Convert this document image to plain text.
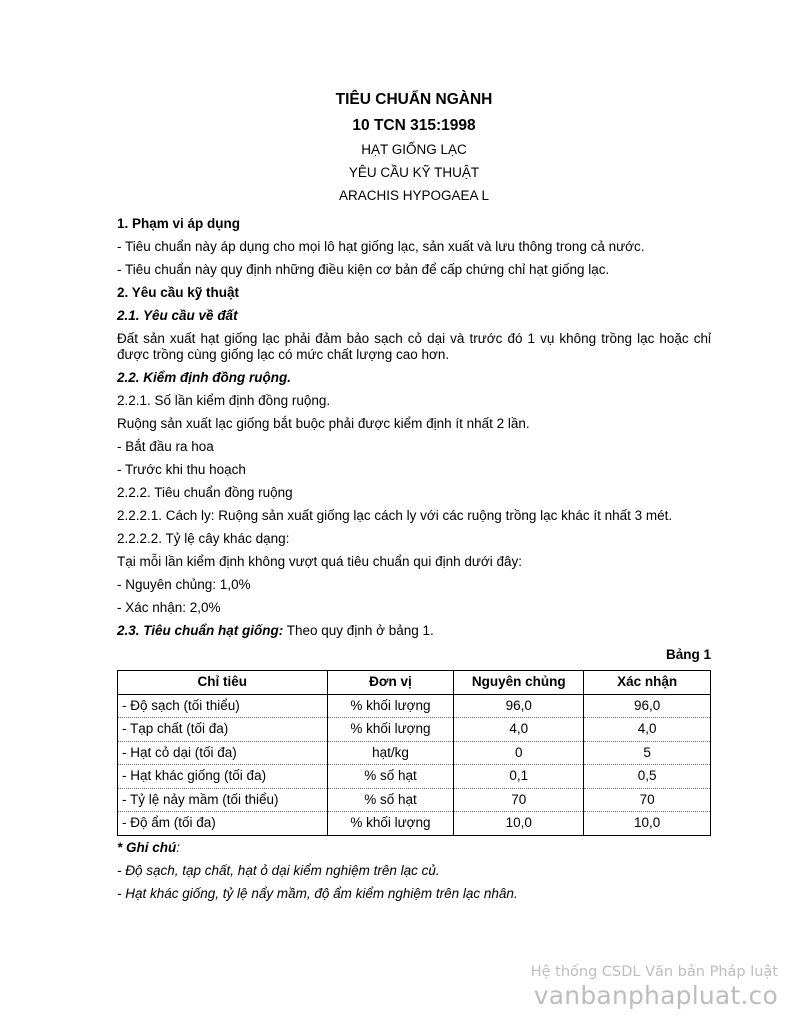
TIÊU CHUẨN NGÀNH

10 TCN 315:1998

HẠT GIỐNG LẠC

YÊU CẦU KỸ THUẬT

ARACHIS HYPOGAEA L

1. Phạm vi áp dụng

- Tiêu chuẩn này áp dụng cho mọi lô hạt giống lạc, sản xuất và lưu thông trong cả nước.

- Tiêu chuẩn này quy định những điều kiện cơ bản để cấp chứng chỉ hạt giống lạc.

2. Yêu cầu kỹ thuật

2.1. Yêu cầu về đất

Đất sản xuất hạt giống lạc phải đảm bảo sạch cỏ dại và trước đó 1 vụ không trồng lạc hoặc chỉ được trồng cùng giống lạc có mức chất lượng cao hơn.

2.2. Kiểm định đồng ruộng.

2.2.1. Số lần kiểm định đồng ruộng.

Ruộng sản xuất lạc giống bắt buộc phải được kiểm định ít nhất 2 lần.

- Bắt đầu ra hoa

- Trước khi thu hoạch

2.2.2. Tiêu chuẩn đồng ruộng

2.2.2.1. Cách ly: Ruộng sản xuất giống lạc cách ly với các ruộng trồng lạc khác ít nhất 3 mét.

2.2.2.2. Tỷ lệ cây khác dạng:

Tại mỗi lần kiểm định không vượt quá tiêu chuẩn qui định dưới đây:

- Nguyên chủng: 1,0%

- Xác nhận: 2,0%

2.3. Tiêu chuẩn hạt giống: Theo quy định ở bảng 1.

Bảng 1

Chỉ tiêu	Đơn vị	Nguyên chủng	Xác nhận
- Độ sạch (tối thiểu)	% khối lượng	96,0	96,0
- Tạp chất (tối đa)	% khối lượng	4,0	4,0
- Hạt cỏ dại (tối đa)	hạt/kg	0	5
- Hạt khác giống (tối đa)	% số hạt	0,1	0,5
- Tỷ lệ nảy mầm (tối thiểu)	% số hạt	70	70
- Độ ẩm (tối đa)	% khối lượng	10,0	10,0

* Ghi chú:

- Độ sạch, tạp chất, hạt ỏ dại kiểm nghiệm trên lạc củ.

- Hạt khác giống, tỷ lệ nẩy mầm, độ ẩm kiểm nghiệm trên lạc nhân.

Hệ thống CSDL Văn bản Pháp luật
vanbanphapluat.co
